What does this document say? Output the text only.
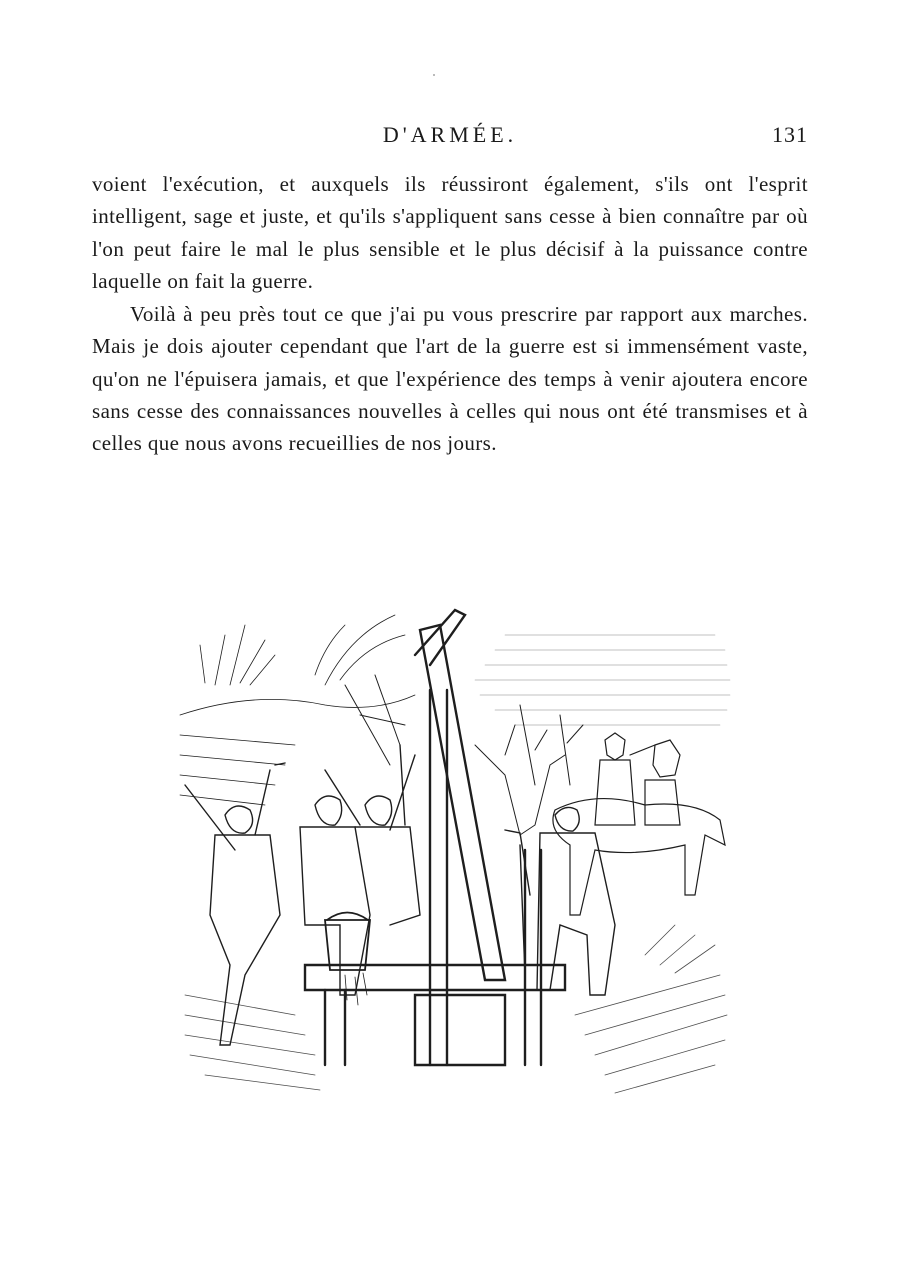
D'ARMÉE.	131

voient l'exécution, et auxquels ils réussiront également, s'ils ont l'esprit intelligent, sage et juste, et qu'ils s'appliquent sans cesse à bien connaître par où l'on peut faire le mal le plus sensible et le plus décisif à la puissance contre laquelle on fait la guerre.

Voilà à peu près tout ce que j'ai pu vous prescrire par rapport aux marches. Mais je dois ajouter cependant que l'art de la guerre est si immensément vaste, qu'on ne l'épuisera jamais, et que l'expérience des temps à venir ajoutera encore sans cesse des connaissances nouvelles à celles qui nous ont été transmises et à celles que nous avons recueillies de nos jours.
